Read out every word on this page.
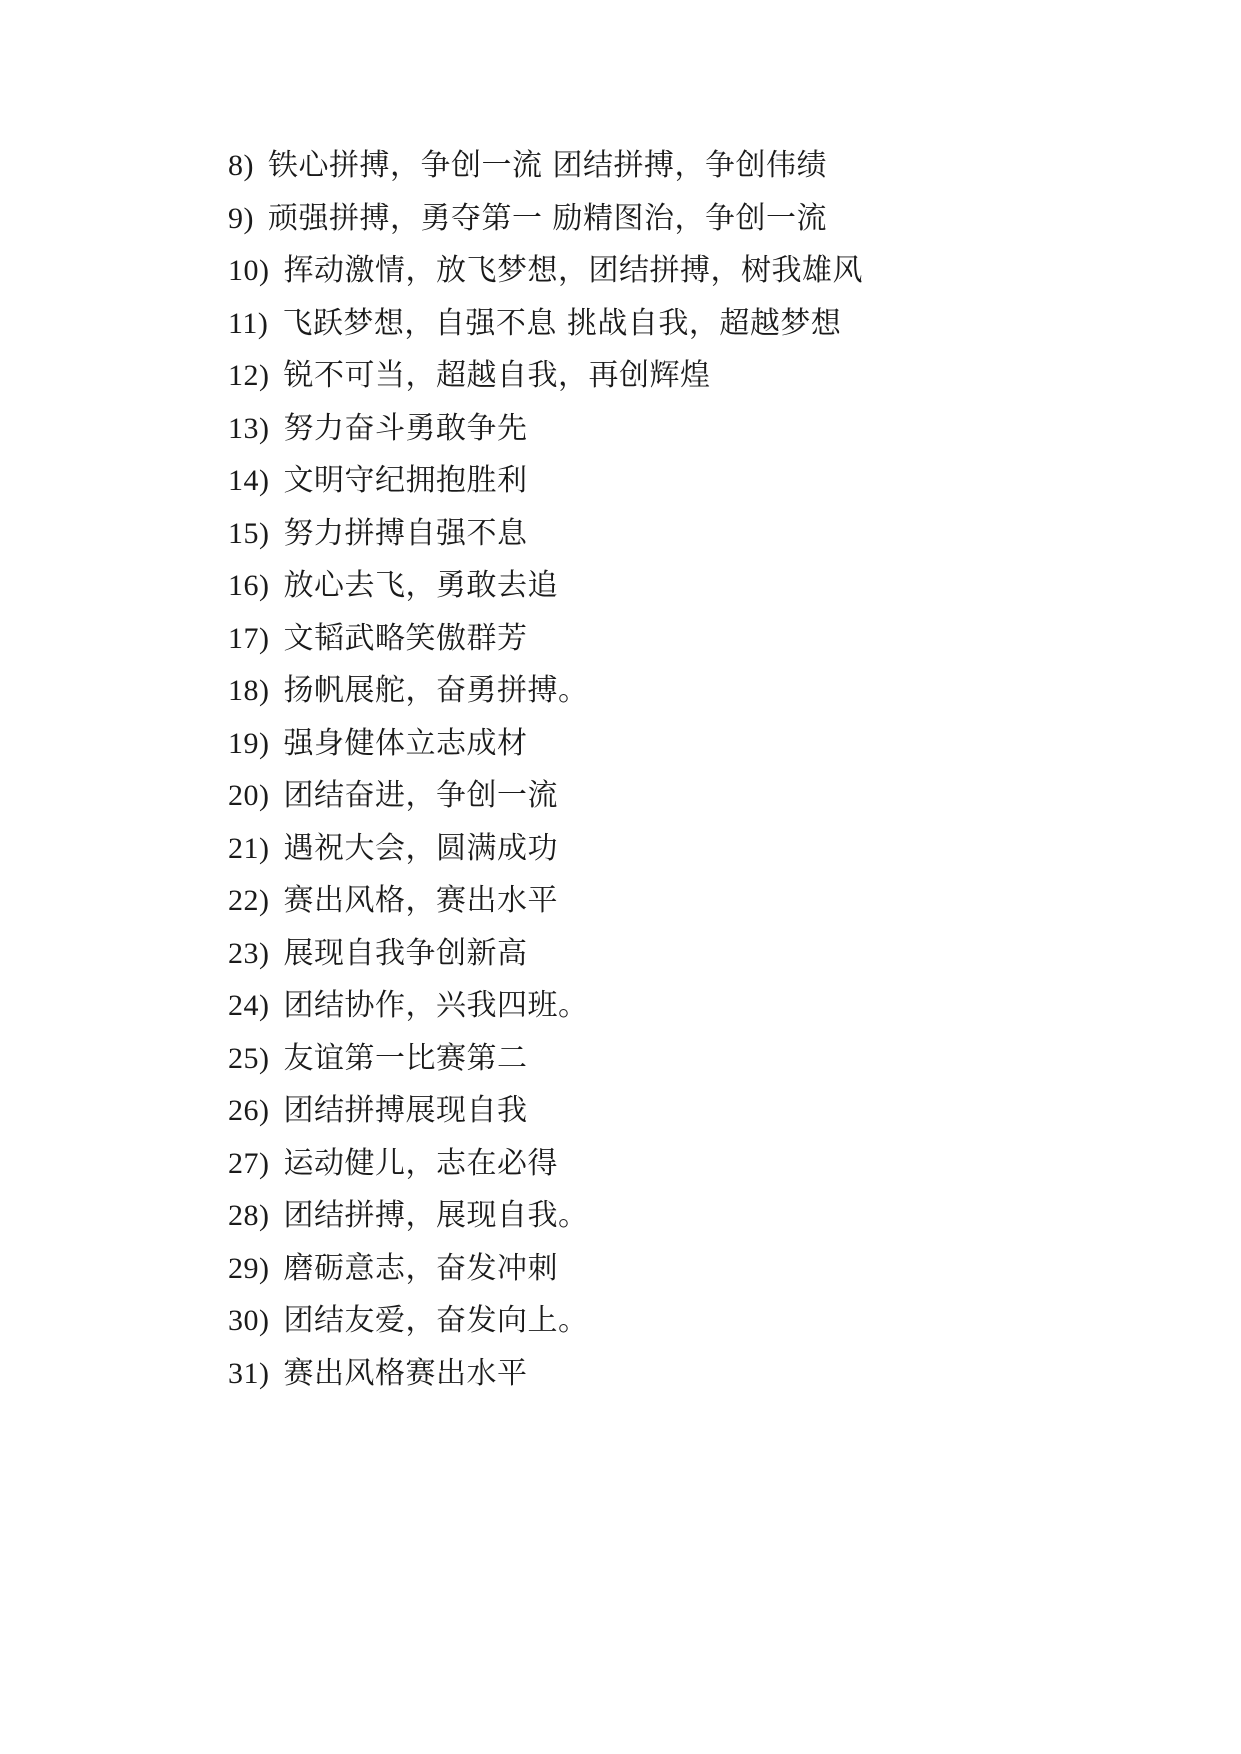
8) 铁心拼搏，争创一流 团结拼搏，争创伟绩
9) 顽强拼搏，勇夺第一 励精图治，争创一流
10) 挥动激情，放飞梦想，团结拼搏，树我雄风
11) 飞跃梦想，自强不息 挑战自我，超越梦想
12) 锐不可当，超越自我，再创辉煌
13) 努力奋斗勇敢争先
14) 文明守纪拥抱胜利
15) 努力拼搏自强不息
16) 放心去飞，勇敢去追
17) 文韬武略笑傲群芳
18) 扬帆展舵，奋勇拼搏。
19) 强身健体立志成材
20) 团结奋进，争创一流
21) 遇祝大会，圆满成功
22) 赛出风格，赛出水平
23) 展现自我争创新高
24) 团结协作，兴我四班。
25) 友谊第一比赛第二
26) 团结拼搏展现自我
27) 运动健儿，志在必得
28) 团结拼搏，展现自我。
29) 磨砺意志，奋发冲刺
30) 团结友爱，奋发向上。
31) 赛出风格赛出水平
